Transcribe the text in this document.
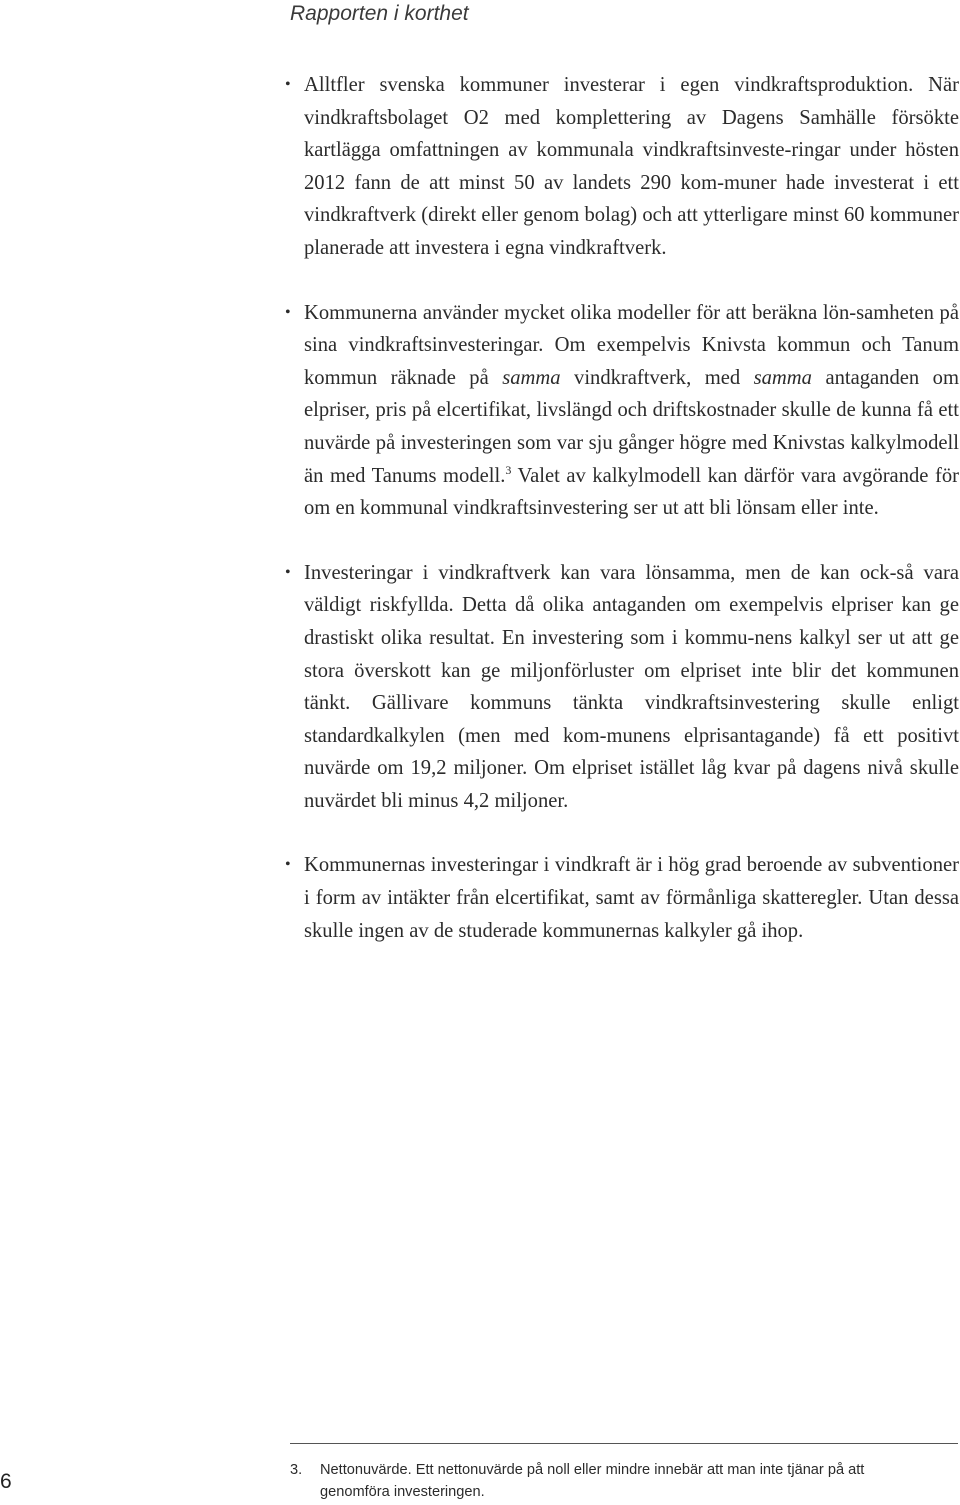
Rapporten i korthet
• Alltfler svenska kommuner investerar i egen vindkraftsproduktion. När vindkraftsbolaget O2 med komplettering av Dagens Samhälle försökte kartlägga omfattningen av kommunala vindkraftsinveste-ringar under hösten 2012 fann de att minst 50 av landets 290 kom-muner hade investerat i ett vindkraftverk (direkt eller genom bolag) och att ytterligare minst 60 kommuner planerade att investera i egna vindkraftverk.
• Kommunerna använder mycket olika modeller för att beräkna lön-samheten på sina vindkraftsinvesteringar. Om exempelvis Knivsta kommun och Tanum kommun räknade på samma vindkraftverk, med samma antaganden om elpriser, pris på elcertifikat, livslängd och driftskostnader skulle de kunna få ett nuvärde på investeringen som var sju gånger högre med Knivstas kalkylmodell än med Tanums modell.$^3$ Valet av kalkylmodell kan därför vara avgörande för om en kommunal vindkraftsinvestering ser ut att bli lönsam eller inte.
• Investeringar i vindkraftverk kan vara lönsamma, men de kan ock-så vara väldigt riskfyllda. Detta då olika antaganden om exempelvis elpriser kan ge drastiskt olika resultat. En investering som i kommu-nens kalkyl ser ut att ge stora överskott kan ge miljonförluster om elpriset inte blir det kommunen tänkt. Gällivare kommuns tänkta vindkraftsinvestering skulle enligt standardkalkylen (men med kom-munens elprisantagande) få ett positivt nuvärde om 19,2 miljoner. Om elpriset istället låg kvar på dagens nivå skulle nuvärdet bli minus 4,2 miljoner.
• Kommunernas investeringar i vindkraft är i hög grad beroende av subventioner i form av intäkter från elcertifikat, samt av förmånliga skatteregler. Utan dessa skulle ingen av de studerade kommunernas kalkyler gå ihop.
6	3. Nettonuvärde. Ett nettonuvärde på noll eller mindre innebär att man inte tjänar på att genomföra investeringen.
